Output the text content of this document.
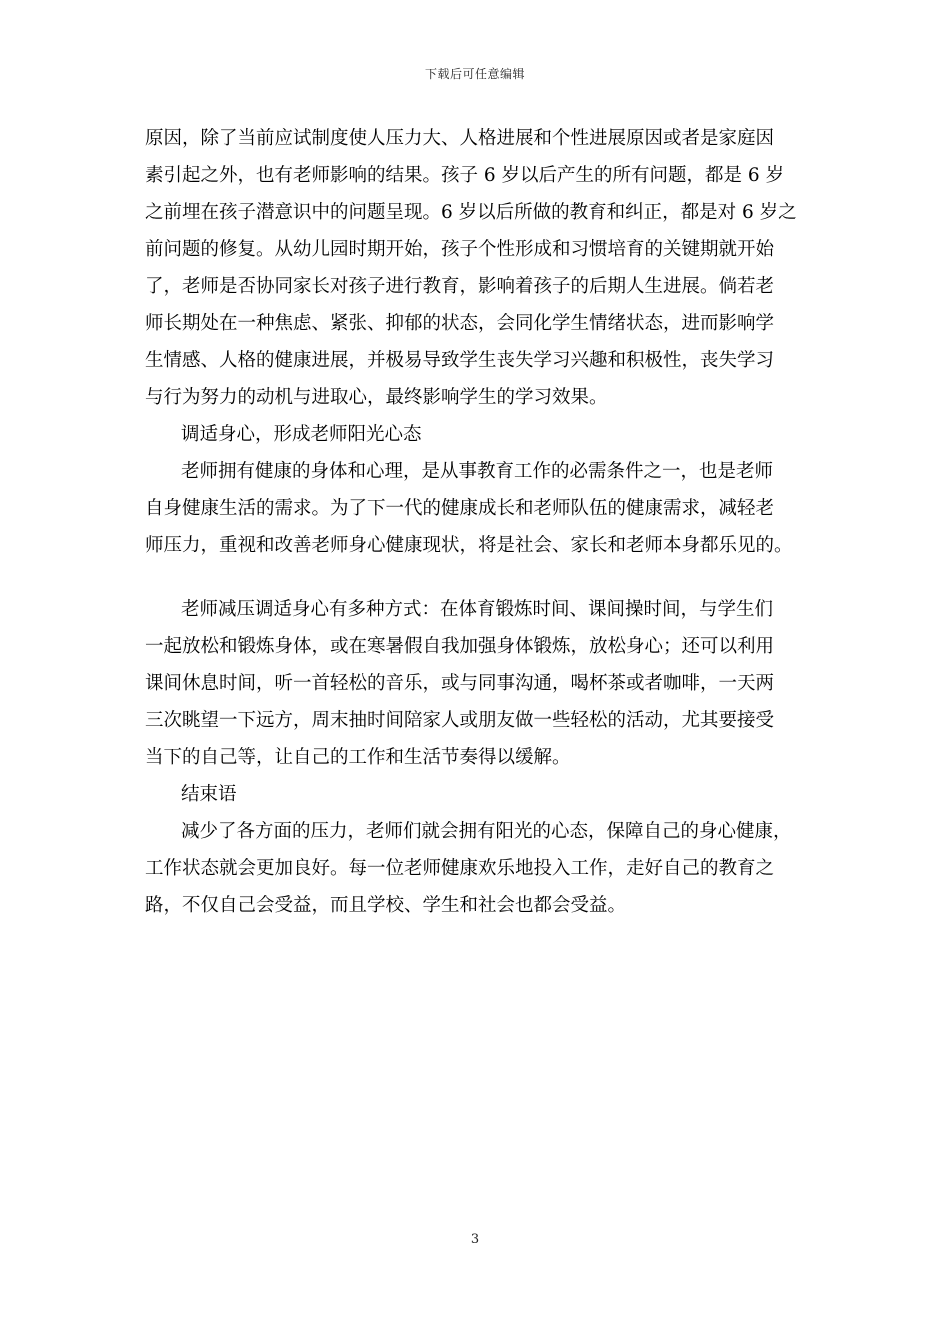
下载后可任意编辑
原因，除了当前应试制度使人压力大、人格进展和个性进展原因或者是家庭因
素引起之外，也有老师影响的结果。孩子 6 岁以后产生的所有问题，都是 6 岁
之前埋在孩子潜意识中的问题呈现。6 岁以后所做的教育和纠正，都是对 6 岁之
前问题的修复。从幼儿园时期开始，孩子个性形成和习惯培育的关键期就开始
了，老师是否协同家长对孩子进行教育，影响着孩子的后期人生进展。倘若老
师长期处在一种焦虑、紧张、抑郁的状态，会同化学生情绪状态，进而影响学
生情感、人格的健康进展，并极易导致学生丧失学习兴趣和积极性，丧失学习
与行为努力的动机与进取心，最终影响学生的学习效果。
调适身心，形成老师阳光心态
老师拥有健康的身体和心理，是从事教育工作的必需条件之一，也是老师
自身健康生活的需求。为了下一代的健康成长和老师队伍的健康需求，减轻老
师压力，重视和改善老师身心健康现状，将是社会、家长和老师本身都乐见的。
老师减压调适身心有多种方式：在体育锻炼时间、课间操时间，与学生们
一起放松和锻炼身体，或在寒暑假自我加强身体锻炼，放松身心；还可以利用
课间休息时间，听一首轻松的音乐，或与同事沟通，喝杯茶或者咖啡，一天两
三次眺望一下远方，周末抽时间陪家人或朋友做一些轻松的活动，尤其要接受
当下的自己等，让自己的工作和生活节奏得以缓解。
结束语
减少了各方面的压力，老师们就会拥有阳光的心态，保障自己的身心健康，
工作状态就会更加良好。每一位老师健康欢乐地投入工作，走好自己的教育之
路，不仅自己会受益，而且学校、学生和社会也都会受益。
3
